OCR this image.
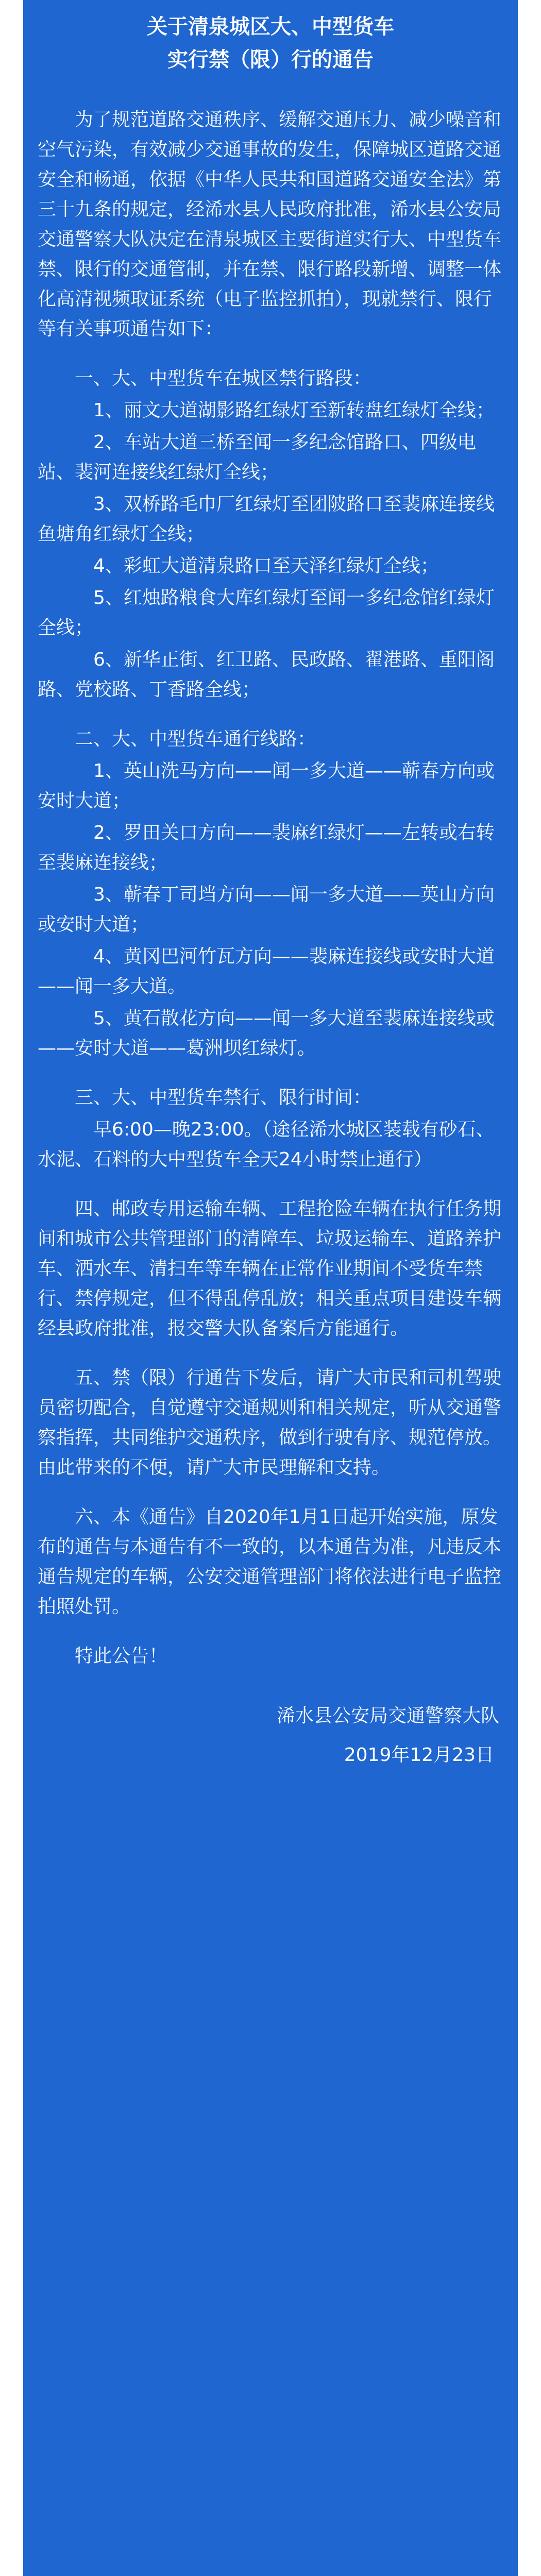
关于清泉城区大、中型货车

实行禁（限）行的通告

为了规范道路交通秩序、缓解交通压力、减少噪音和空气污染，有效减少交通事故的发生，保障城区道路交通安全和畅通，依据《中华人民共和国道路交通安全法》第三十九条的规定，经浠水县人民政府批准，浠水县公安局交通警察大队决定在清泉城区主要街道实行大、中型货车禁、限行的交通管制，并在禁、限行路段新增、调整一体化高清视频取证系统（电子监控抓拍），现就禁行、限行等有关事项通告如下：

一、大、中型货车在城区禁行路段：

1、丽文大道湖影路红绿灯至新转盘红绿灯全线；

2、车站大道三桥至闻一多纪念馆路口、四级电站、裴河连接线红绿灯全线；

3、双桥路毛巾厂红绿灯至团陂路口至裴麻连接线鱼塘角红绿灯全线；

4、彩虹大道清泉路口至天泽红绿灯全线；

5、红烛路粮食大库红绿灯至闻一多纪念馆红绿灯全线；

6、新华正街、红卫路、民政路、翟港路、重阳阁路、党校路、丁香路全线；

二、大、中型货车通行线路：

1、英山洗马方向——闻一多大道——蕲春方向或安时大道；

2、罗田关口方向——裴麻红绿灯——左转或右转至裴麻连接线；

3、蕲春丁司垱方向——闻一多大道——英山方向或安时大道；

4、黄冈巴河竹瓦方向——裴麻连接线或安时大道——闻一多大道。

5、黄石散花方向——闻一多大道至裴麻连接线或——安时大道——葛洲坝红绿灯。

三、大、中型货车禁行、限行时间：

早6:00—晚23:00。（途径浠水城区装载有砂石、水泥、石料的大中型货车全天24小时禁止通行）

四、邮政专用运输车辆、工程抢险车辆在执行任务期间和城市公共管理部门的清障车、垃圾运输车、道路养护车、洒水车、清扫车等车辆在正常作业期间不受货车禁行、禁停规定，但不得乱停乱放；相关重点项目建设车辆经县政府批准，报交警大队备案后方能通行。

五、禁（限）行通告下发后，请广大市民和司机驾驶员密切配合，自觉遵守交通规则和相关规定，听从交通警察指挥，共同维护交通秩序，做到行驶有序、规范停放。由此带来的不便，请广大市民理解和支持。

六、本《通告》自2020年1月1日起开始实施，原发布的通告与本通告有不一致的，以本通告为准，凡违反本通告规定的车辆，公安交通管理部门将依法进行电子监控拍照处罚。

特此公告！

浠水县公安局交通警察大队
2019年12月23日
